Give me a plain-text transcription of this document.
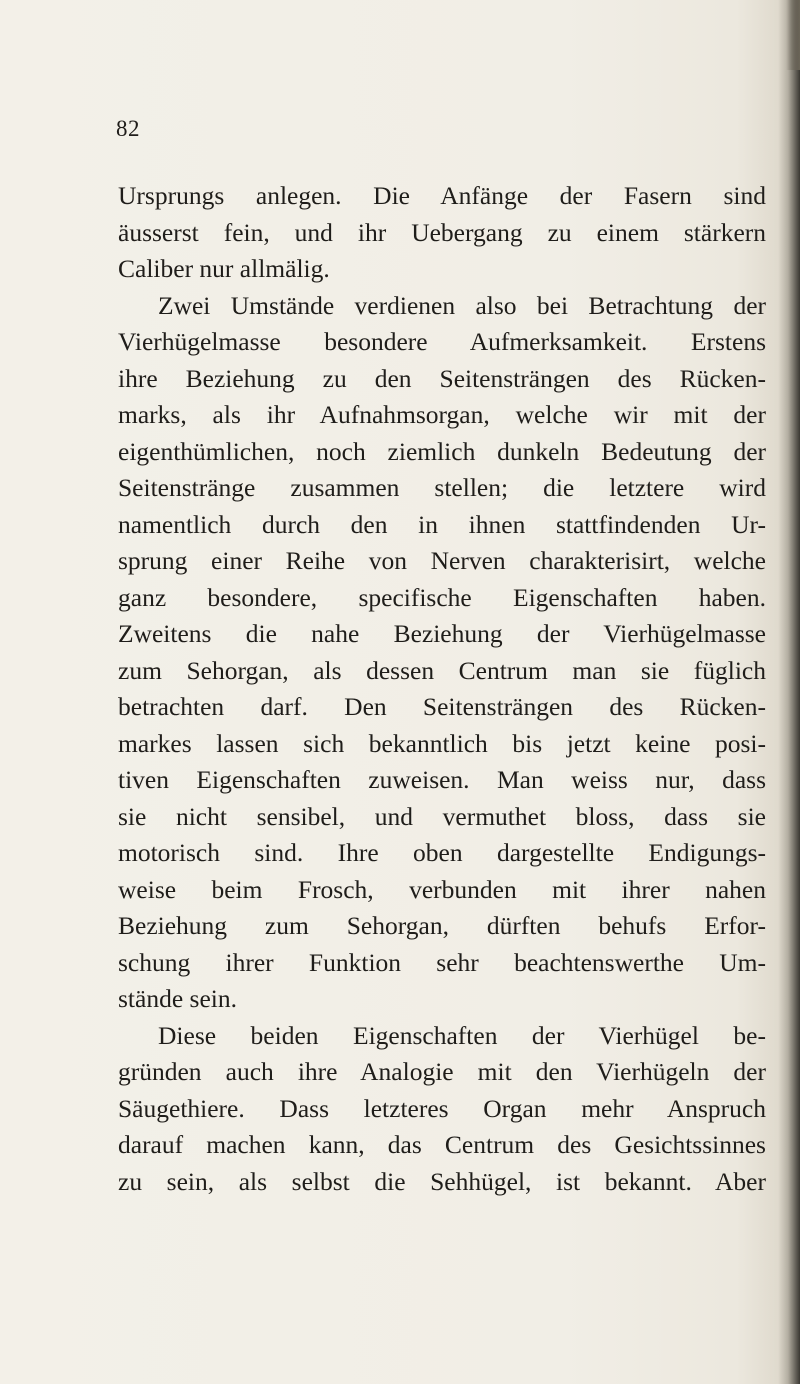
82
Ursprungs anlegen. Die Anfänge der Fasern sind
äusserst fein, und ihr Uebergang zu einem stärkern
Caliber nur allmälig.
Zwei Umstände verdienen also bei Betrachtung der
Vierhügelmasse besondere Aufmerksamkeit. Erstens
ihre Beziehung zu den Seitensträngen des Rücken-
marks, als ihr Aufnahmsorgan, welche wir mit der
eigenthümlichen, noch ziemlich dunkeln Bedeutung der
Seitenstränge zusammen stellen; die letztere wird
namentlich durch den in ihnen stattfindenden Ur-
sprung einer Reihe von Nerven charakterisirt, welche
ganz besondere, specifische Eigenschaften haben.
Zweitens die nahe Beziehung der Vierhügelmasse
zum Sehorgan, als dessen Centrum man sie füglich
betrachten darf. Den Seitensträngen des Rücken-
markes lassen sich bekanntlich bis jetzt keine posi-
tiven Eigenschaften zuweisen. Man weiss nur, dass
sie nicht sensibel, und vermuthet bloss, dass sie
motorisch sind. Ihre oben dargestellte Endigungs-
weise beim Frosch, verbunden mit ihrer nahen
Beziehung zum Sehorgan, dürften behufs Erfor-
schung ihrer Funktion sehr beachtenswerthe Um-
stände sein.
Diese beiden Eigenschaften der Vierhügel be-
gründen auch ihre Analogie mit den Vierhügeln der
Säugethiere. Dass letzteres Organ mehr Anspruch
darauf machen kann, das Centrum des Gesichtssinnes
zu sein, als selbst die Sehhügel, ist bekannt. Aber
